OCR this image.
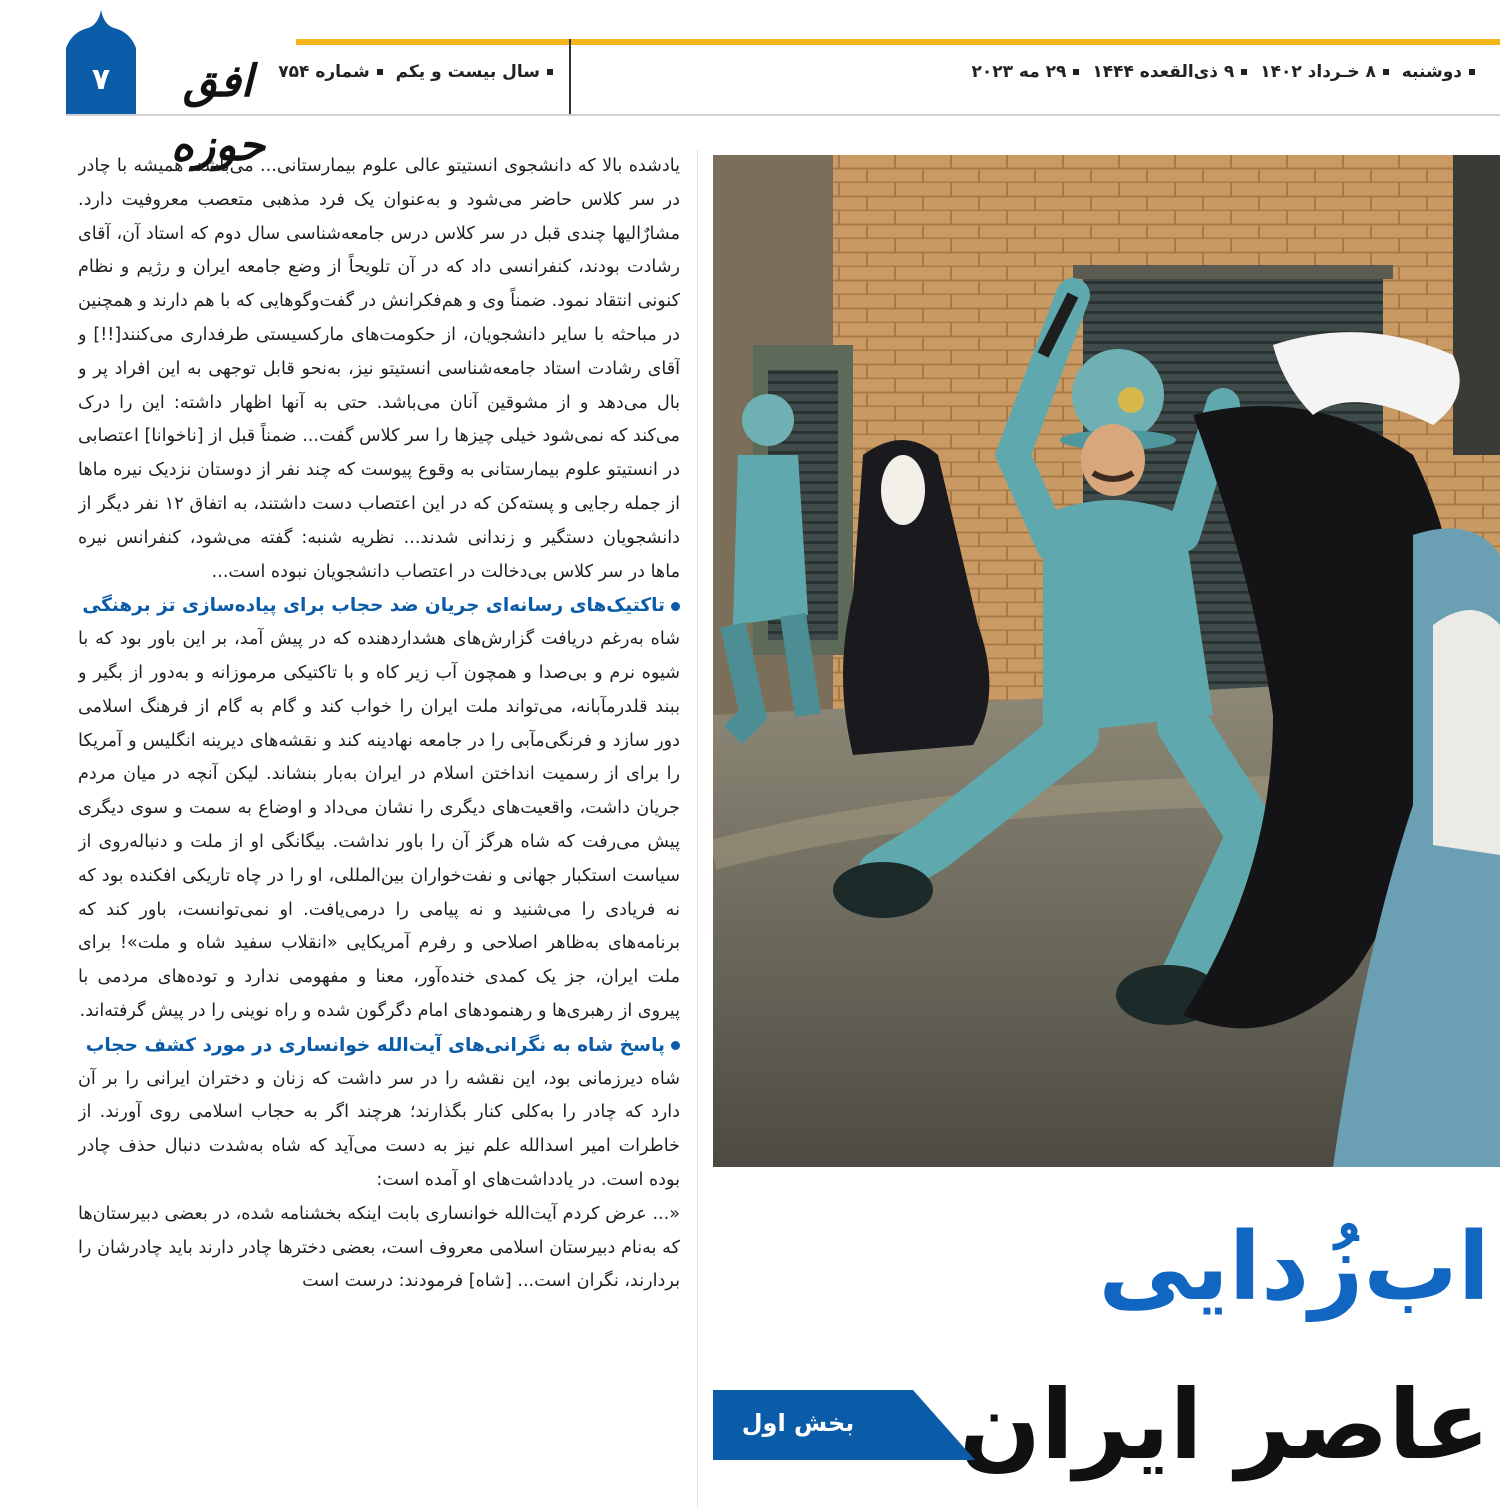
۷	افق حوزه
سال بیست و یکم شماره ۷۵۴	دوشنبه ۸ خـرداد ۱۴۰۲ ۹ ذی‌القعده ۱۴۴۴ ۲۹ مه ۲۰۲۳

یادشده بالا که دانشجوی انستیتو عالی علوم بیمارستانی... می‌باشد، همیشه با چادر در سر کلاس حاضر می‌شود و به‌عنوان یک فرد مذهبی متعصب معروفیت دارد. مشارٌالیها چندی قبل در سر کلاس درس جامعه‌شناسی سال دوم که استاد آن، آقای رشادت بودند، کنفرانسی داد که در آن تلویحاً از وضع جامعه ایران و رژیم و نظام کنونی انتقاد نمود. ضمناً وی و هم‌فکرانش در گفت‌وگوهایی که با هم دارند و همچنین در مباحثه با سایر دانشجویان، از حکومت‌های مارکسیستی طرفداری می‌کنند[!!] و آقای رشادت استاد جامعه‌شناسی انستیتو نیز، به‌نحو قابل توجهی به این افراد پر و بال می‌دهد و از مشوقین آنان می‌باشد. حتی به آنها اظهار داشته: این را درک می‌کند که نمی‌شود خیلی چیزها را سر کلاس گفت... ضمناً قبل از [ناخوانا] اعتصابی در انستیتو علوم بیمارستانی به وقوع پیوست که چند نفر از دوستان نزدیک نیره ماها از جمله رجایی و پسته‌کن که در این اعتصاب دست داشتند، به اتفاق ۱۲ نفر دیگر از دانشجویان دستگیر و زندانی شدند... نظریه شنبه: گفته می‌شود، کنفرانس نیره ماها در سر کلاس بی‌دخالت در اعتصاب دانشجویان نبوده است...

تاکتیک‌های رسانه‌ای جریان ضد حجاب برای پیاده‌سازی تز برهنگی

شاه به‌رغم دریافت گزارش‌های هشداردهنده که در پیش آمد، بر این باور بود که با شیوه نرم و بی‌صدا و همچون آب زیر کاه و با تاکتیکی مرموزانه و به‌دور از بگیر و ببند قلدرمآبانه، می‌تواند ملت ایران را خواب کند و گام به گام از فرهنگ اسلامی دور سازد و فرنگی‌مآبی را در جامعه نهادینه کند و نقشه‌های دیرینه انگلیس و آمریکا را برای از رسمیت انداختن اسلام در ایران به‌بار بنشاند. لیکن آنچه در میان مردم جریان داشت، واقعیت‌های دیگری را نشان می‌داد و اوضاع به سمت و سوی دیگری پیش می‌رفت که شاه هرگز آن را باور نداشت. بیگانگی او از ملت و دنباله‌روی از سیاست استکبار جهانی و نفت‌خواران بین‌المللی، او را در چاه تاریکی افکنده بود که نه فریادی را می‌شنید و نه پیامی را درمی‌یافت. او نمی‌توانست، باور کند که برنامه‌های به‌ظاهر اصلاحی و رفرم آمریکایی «انقلاب سفید شاه و ملت»! برای ملت ایران، جز یک کمدی خنده‌آور، معنا و مفهومی ندارد و توده‌های مردمی با پیروی از رهبری‌ها و رهنمودهای امام دگرگون شده و راه نوینی را در پیش گرفته‌اند.

پاسخ شاه به نگرانی‌های آیت‌الله خوانساری در مورد کشف حجاب

شاه دیرزمانی بود، این نقشه را در سر داشت که زنان و دختران ایرانی را بر آن دارد که چادر را به‌کلی کنار بگذارند؛ هرچند اگر به حجاب اسلامی روی آورند. از خاطرات امیر اسدالله علم نیز به دست می‌آید که شاه به‌شدت دنبال حذف چادر بوده است. در یادداشت‌های او آمده است:

«... عرض کردم آیت‌الله خوانساری بابت اینکه بخشنامه شده، در بعضی دبیرستان‌ها که به‌نام دبیرستان اسلامی معروف است، بعضی دخترها چادر دارند باید چادرشان را بردارند، نگران است... [شاه] فرمودند: درست است	اب‌زُدایی
عاصر ایران
بخش اول
